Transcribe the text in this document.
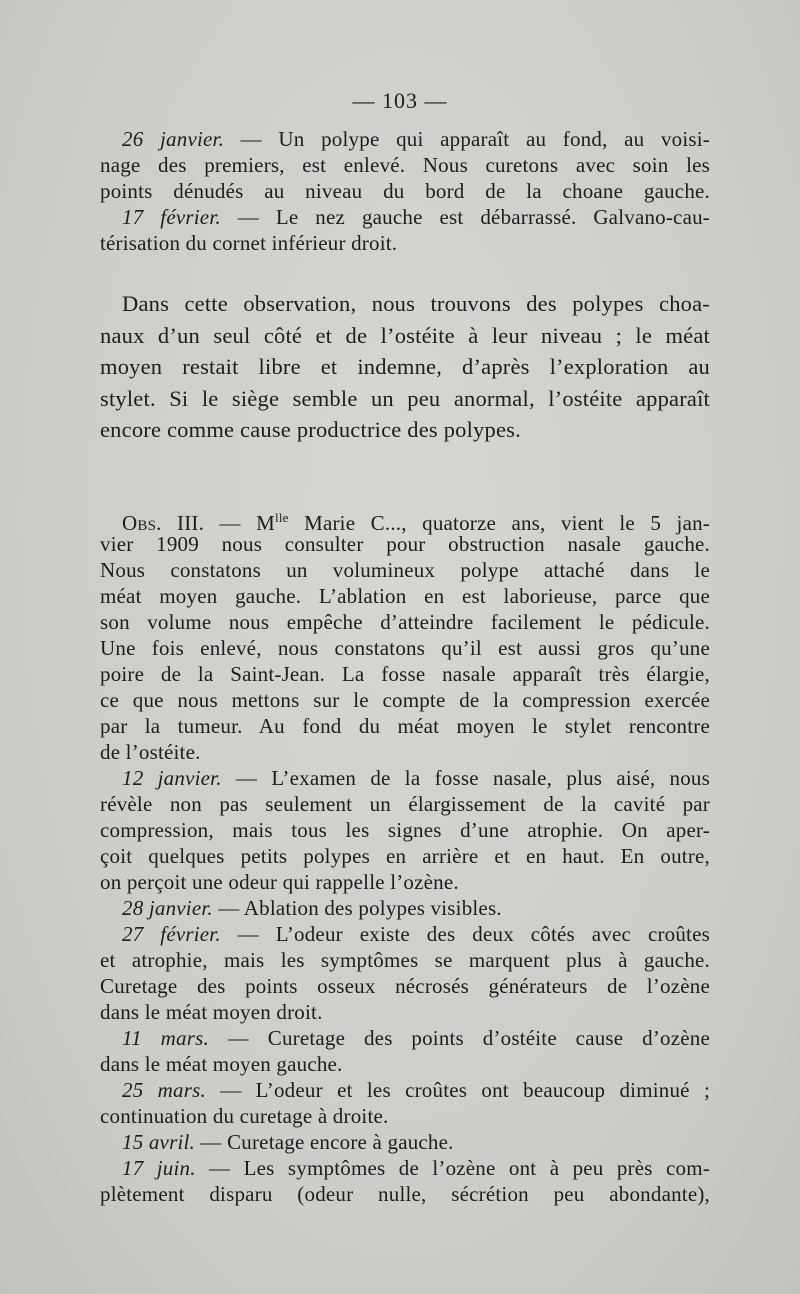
— 103 —
26 janvier. — Un polype qui apparaît au fond, au voisi-
nage des premiers, est enlevé. Nous curetons avec soin les
points dénudés au niveau du bord de la choane gauche.
17 février. — Le nez gauche est débarrassé. Galvano-cau-
térisation du cornet inférieur droit.
Dans cette observation, nous trouvons des polypes choa-
naux d’un seul côté et de l’ostéite à leur niveau ; le méat
moyen restait libre et indemne, d’après l’exploration au
stylet. Si le siège semble un peu anormal, l’ostéite apparaît
encore comme cause productrice des polypes.
Obs. III. — $M^{lle}$ Marie C..., quatorze ans, vient le 5 jan-
vier 1909 nous consulter pour obstruction nasale gauche.
Nous constatons un volumineux polype attaché dans le
méat moyen gauche. L’ablation en est laborieuse, parce que
son volume nous empêche d’atteindre facilement le pédicule.
Une fois enlevé, nous constatons qu’il est aussi gros qu’une
poire de la Saint-Jean. La fosse nasale apparaît très élargie,
ce que nous mettons sur le compte de la compression exercée
par la tumeur. Au fond du méat moyen le stylet rencontre
de l’ostéite.
12 janvier. — L’examen de la fosse nasale, plus aisé, nous
révèle non pas seulement un élargissement de la cavité par
compression, mais tous les signes d’une atrophie. On aper-
çoit quelques petits polypes en arrière et en haut. En outre,
on perçoit une odeur qui rappelle l’ozène.
28 janvier. — Ablation des polypes visibles.
27 février. — L’odeur existe des deux côtés avec croûtes
et atrophie, mais les symptômes se marquent plus à gauche.
Curetage des points osseux nécrosés générateurs de l’ozène
dans le méat moyen droit.
11 mars. — Curetage des points d’ostéite cause d’ozène
dans le méat moyen gauche.
25 mars. — L’odeur et les croûtes ont beaucoup diminué ;
continuation du curetage à droite.
15 avril. — Curetage encore à gauche.
17 juin. — Les symptômes de l’ozène ont à peu près com-
plètement disparu (odeur nulle, sécrétion peu abondante),
